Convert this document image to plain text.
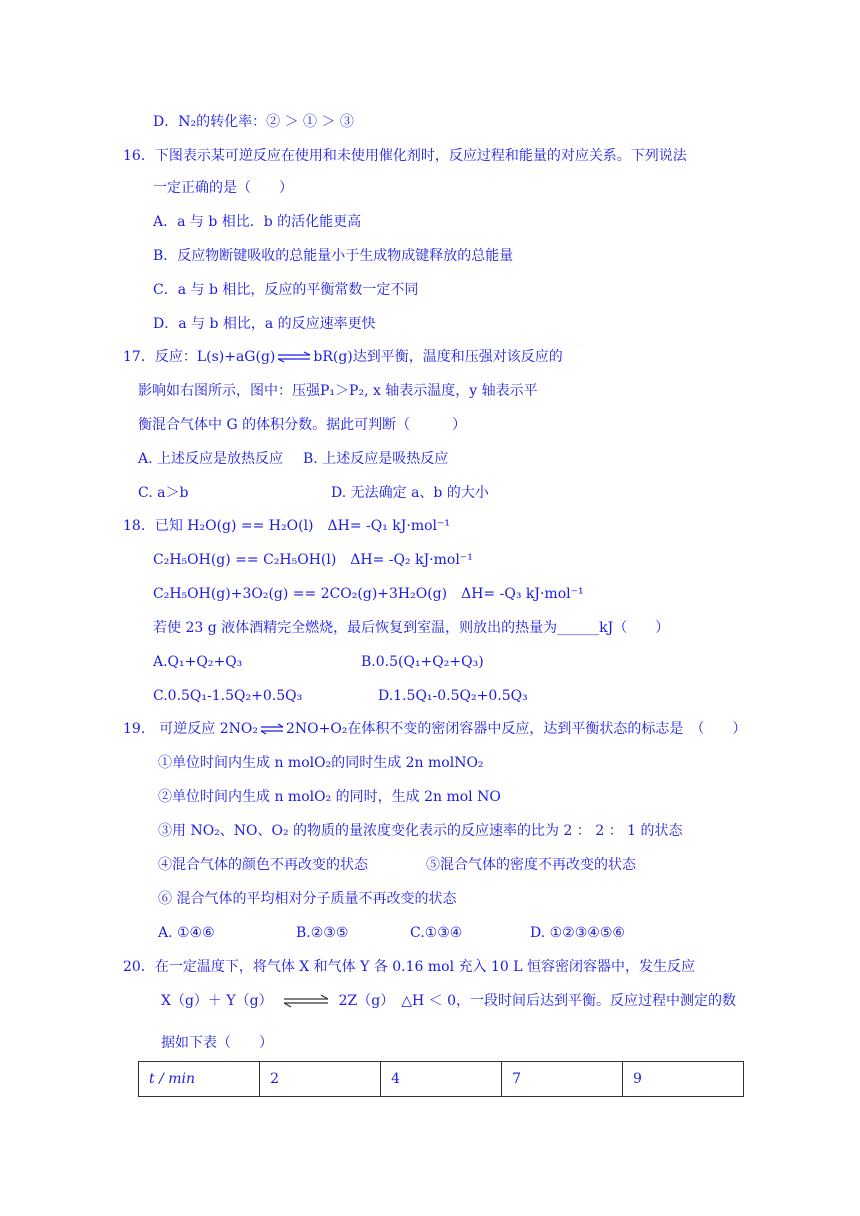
D．N₂的转化率：② ＞ ① ＞ ③
16．下图表示某可逆反应在使用和未使用催化剂时，反应过程和能量的对应关系。下列说法
一定正确的是（　　）
A．a 与 b 相比．b 的活化能更高
B．反应物断键吸收的总能量小于生成物成键释放的总能量
C．a 与 b 相比，反应的平衡常数一定不同
D．a 与 b 相比，a 的反应速率更快
17．反应：L(s)+aG(g) ⇌ bR(g)达到平衡，温度和压强对该反应的
·
影响如右图所示，图中：压强P₁＞P₂, x 轴表示温度，y 轴表示平
衡混合气体中 G 的体积分数。据此可判断（　　　）
A. 上述反应是放热反应 B. 上述反应是吸热反应
C. a＞b	D. 无法确定 a、b 的大小
18．已知 H₂O(g) == H₂O(l)　ΔH= -Q₁ kJ·mol⁻¹
C₂H₅OH(g) == C₂H₅OH(l)　ΔH= -Q₂ kJ·mol⁻¹
C₂H₅OH(g)+3O₂(g) == 2CO₂(g)+3H₂O(g)　ΔH= -Q₃ kJ·mol⁻¹
若使 23 g 液体酒精完全燃烧，最后恢复到室温，则放出的热量为______kJ（　　）
A.Q₁+Q₂+Q₃	B.0.5(Q₁+Q₂+Q₃)
C.0.5Q₁-1.5Q₂+0.5Q₃	D.1.5Q₁-0.5Q₂+0.5Q₃
19.　可逆反应 2NO₂ ⇌ 2NO+O₂在体积不变的密闭容器中反应，达到平衡状态的标志是　（　　）
①单位时间内生成 n molO₂的同时生成 2n molNO₂
②单位时间内生成 n molO₂ 的同时，生成 2n mol NO
③用 NO₂、NO、O₂ 的物质的量浓度变化表示的反应速率的比为 2 ： 2 ： 1 的状态
④混合气体的颜色不再改变的状态	⑤混合气体的密度不再改变的状态
⑥ 混合气体的平均相对分子质量不再改变的状态
A. ①④⑥	B.②③⑤	C.①③④	D. ①②③④⑤⑥
20．在一定温度下，将气体 X 和气体 Y 各 0.16 mol 充入 10 L 恒容密闭容器中，发生反应
X（g）＋ Y（g） ⇌ 2Z（g）　△H ＜ 0，一段时间后达到平衡。反应过程中测定的数
据如下表（　　）
t / min	2	4	7	9
